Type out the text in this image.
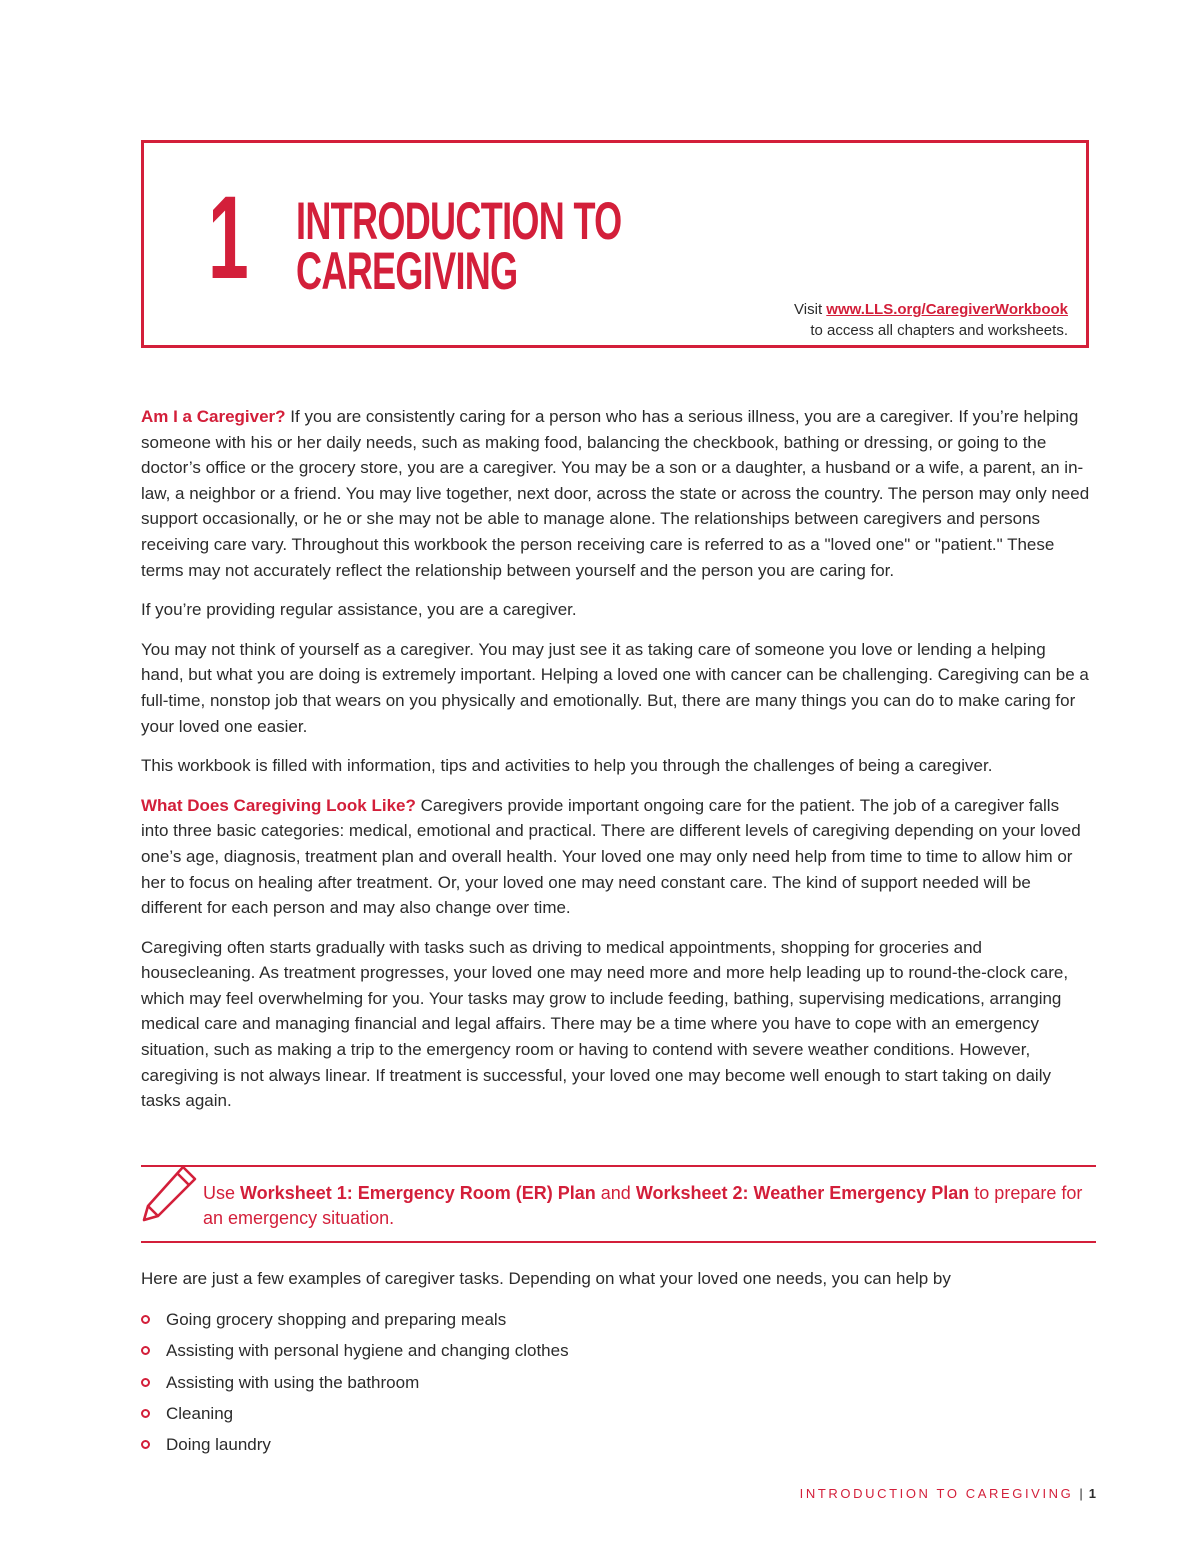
1 INTRODUCTION TO
CAREGIVING
Visit www.LLS.org/CaregiverWorkbook
to access all chapters and worksheets.

Am I a Caregiver? If you are consistently caring for a person who has a serious illness, you are a caregiver. If you’re helping someone with his or her daily needs, such as making food, balancing the checkbook, bathing or dressing, or going to the doctor’s office or the grocery store, you are a caregiver. You may be a son or a daughter, a husband or a wife, a parent, an in-law, a neighbor or a friend. You may live together, next door, across the state or across the country. The person may only need support occasionally, or he or she may not be able to manage alone. The relationships between caregivers and persons receiving care vary. Throughout this workbook the person receiving care is referred to as a "loved one" or "patient." These terms may not accurately reflect the relationship between yourself and the person you are caring for.

If you’re providing regular assistance, you are a caregiver.

You may not think of yourself as a caregiver. You may just see it as taking care of someone you love or lending a helping hand, but what you are doing is extremely important. Helping a loved one with cancer can be challenging. Caregiving can be a full-time, nonstop job that wears on you physically and emotionally. But, there are many things you can do to make caring for your loved one easier.

This workbook is filled with information, tips and activities to help you through the challenges of being a caregiver.

What Does Caregiving Look Like? Caregivers provide important ongoing care for the patient. The job of a caregiver falls into three basic categories: medical, emotional and practical. There are different levels of caregiving depending on your loved one’s age, diagnosis, treatment plan and overall health. Your loved one may only need help from time to time to allow him or her to focus on healing after treatment. Or, your loved one may need constant care. The kind of support needed will be different for each person and may also change over time.

Caregiving often starts gradually with tasks such as driving to medical appointments, shopping for groceries and housecleaning. As treatment progresses, your loved one may need more and more help leading up to round-the-clock care, which may feel overwhelming for you. Your tasks may grow to include feeding, bathing, supervising medications, arranging medical care and managing financial and legal affairs. There may be a time where you have to cope with an emergency situation, such as making a trip to the emergency room or having to contend with severe weather conditions. However, caregiving is not always linear. If treatment is successful, your loved one may become well enough to start taking on daily tasks again.

Use Worksheet 1: Emergency Room (ER) Plan and Worksheet 2: Weather Emergency Plan to prepare for an emergency situation.
Here are just a few examples of caregiver tasks. Depending on what your loved one needs, you can help by
Going grocery shopping and preparing meals
Assisting with personal hygiene and changing clothes
Assisting with using the bathroom
Cleaning
Doing laundry
INTRODUCTION TO CAREGIVING | 1
